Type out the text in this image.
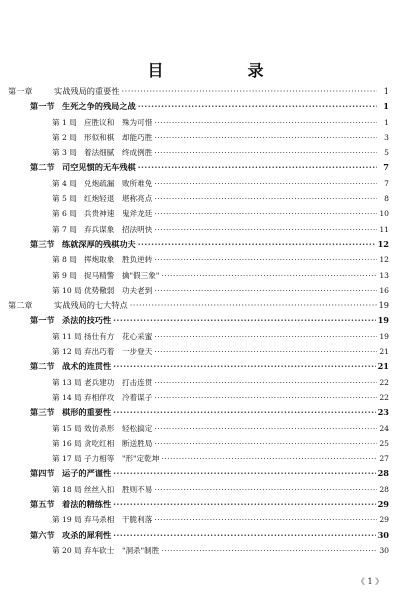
目　录
第一章	实战残局的重要性 ·····	1
第一节 生死之争的残局之战 ·····	1
第 1 局 应胜议和　殊为可惜 ·····	1
第 2 局 形似和棋　却能巧胜 ·····	3
第 3 局 着法细腻　终成例胜 ·····	5
第二节 司空见惯的无车残棋 ·····	7
第 4 局 兑炮疏漏　败所难免 ·····	7
第 5 局 红炮轻退　堪称亮点 ·····	8
第 6 局 兵贵神速　鬼斧龙廷 ·····	10
第 7 局 弃兵谋象　招法明快 ·····	11
第三节 练就深厚的残棋功夫 ·····	12
第 8 局 挥炮取象　胜负逆转 ·····	12
第 9 局 捉马精警　擒"假三象" ·····	13
第 10 局 优势儆弱　功夫老到 ·····	16
第二章	实战残局的七大特点 ·····	19
第一节 杀法的技巧性 ·····	19
第 11 局 扬仕有方　花心采蜜 ·····	19
第 12 局 弃出巧着　一步登天 ·····	21
第二节 战术的连贯性 ·····	21
第 13 局 老兵建功　打击连贯 ·····	22
第 14 局 弃相佯攻　冷着谋子 ·····	22
第三节 棋形的重要性 ·····	23
第 15 局 效仿杀形　轻松搞定 ·····	24
第 16 局 贪吃红相　断送胜局 ·····	25
第 17 局 子力相等　"形"定乾坤 ·····	27
第四节 运子的严谨性 ·····	28
第 18 局 丝丝入扣　胜则不易 ·····	28
第五节 着法的精练性 ·····	29
第 19 局 弃马杀相　干脆利落 ·····	29
第六节 攻杀的犀利性 ·····	30
第 20 局 弃车砍士　"洞杀"制胜 ·····	30
《 1 》
